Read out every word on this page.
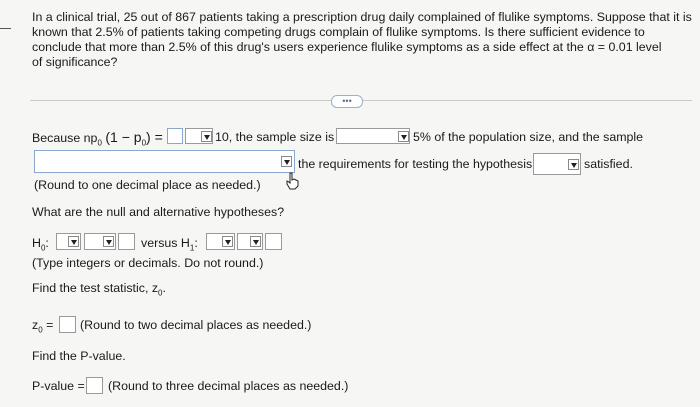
In a clinical trial, 25 out of 867 patients taking a prescription drug daily complained of flulike symptoms. Suppose that it is
known that 2.5% of patients taking competing drugs complain of flulike symptoms. Is there sufficient evidence to
conclude that more than 2.5% of this drug's users experience flulike symptoms as a side effect at the α = 0.01 level
of significance?
•••
Because $np_0$ $(1 - p_0)$ =	10, the sample size is	5% of the population size, and the sample
the requirements for testing the hypothesis	satisfied.
(Round to one decimal place as needed.)
What are the null and alternative hypotheses?
$H_0$:	versus $H_1$:
(Type integers or decimals. Do not round.)
Find the test statistic, $z_0$.
$z_0$ = (Round to two decimal places as needed.)
Find the P-value.
P-value = (Round to three decimal places as needed.)
